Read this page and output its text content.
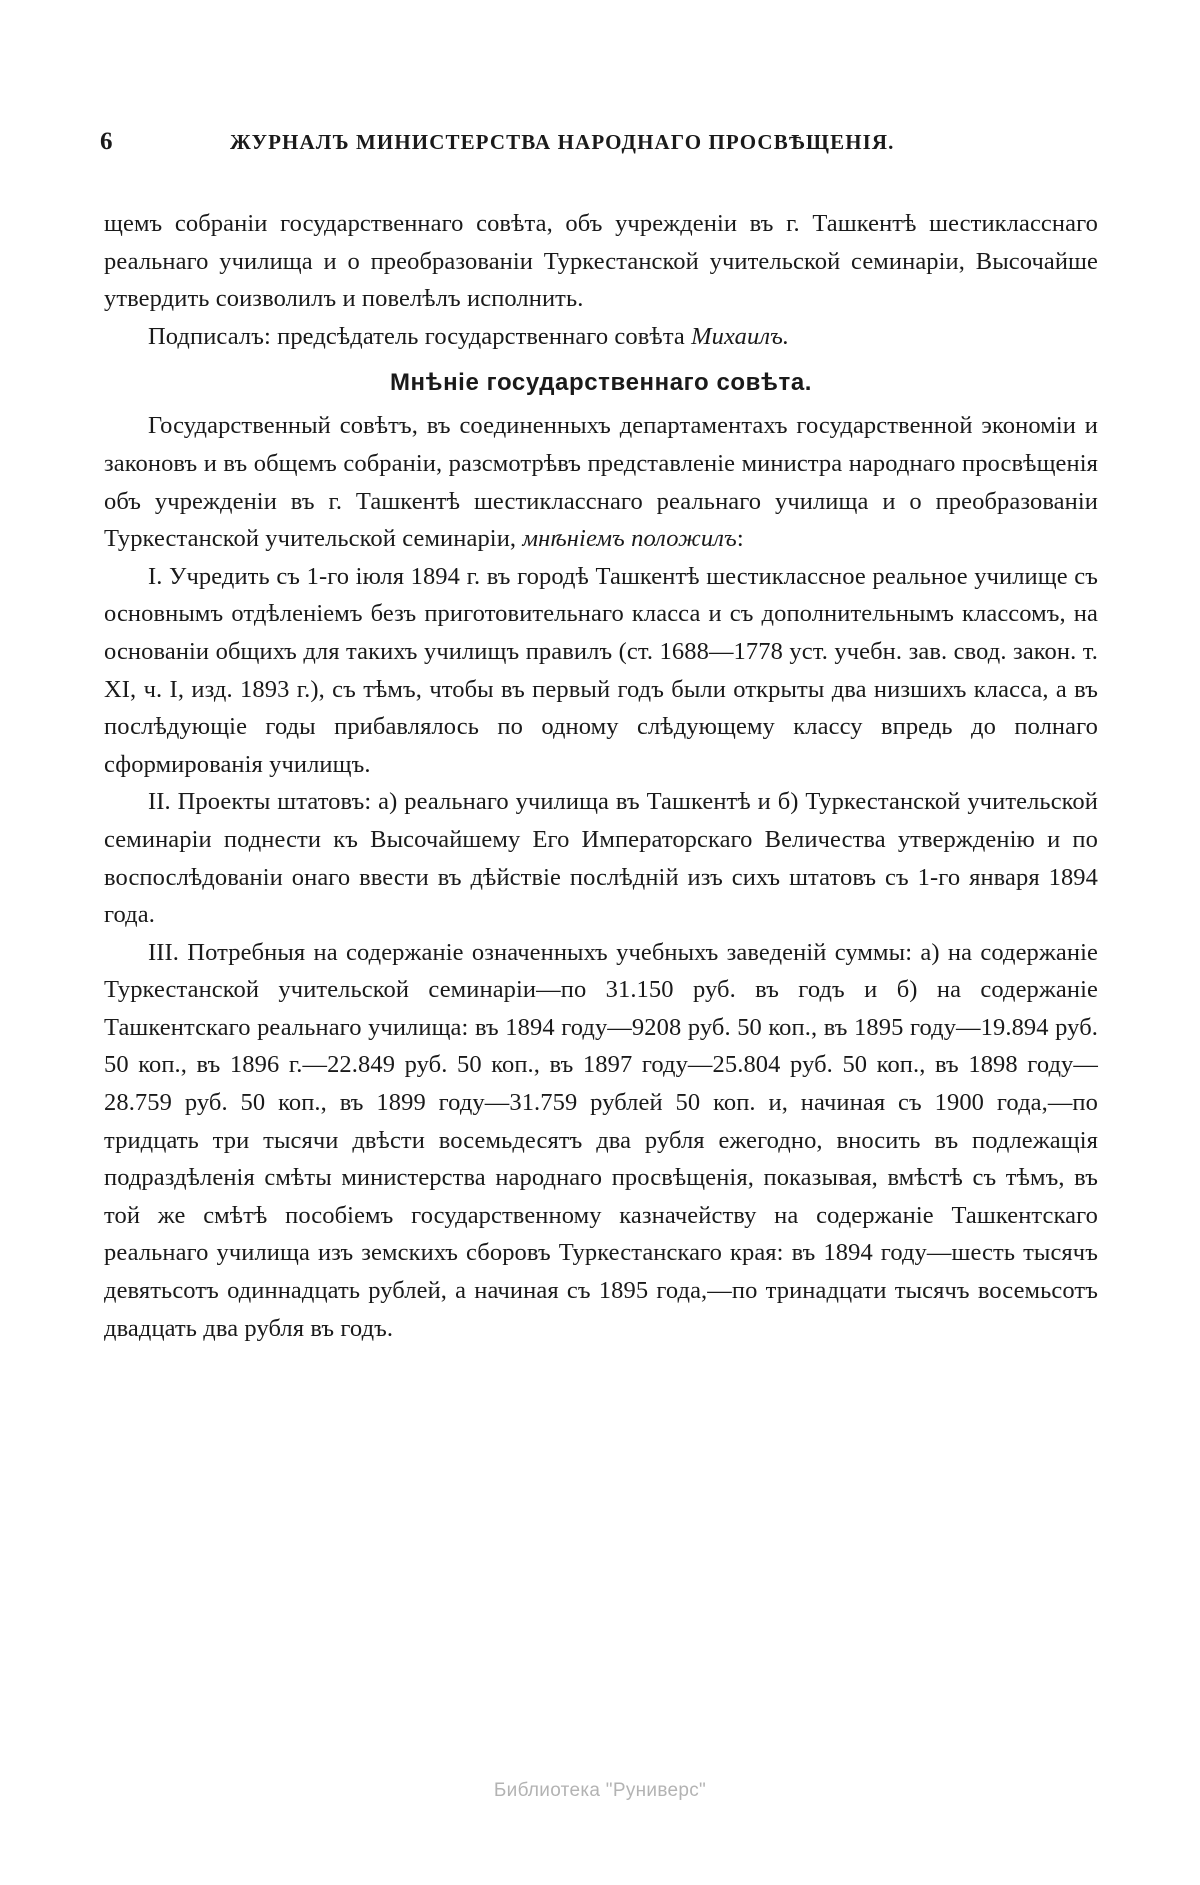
6	ЖУРНАЛЪ МИНИСТЕРСТВА НАРОДНАГО ПРОСВѢЩЕНІЯ.

щемъ собраніи государственнаго совѣта, объ учрежденіи въ г. Ташкентѣ шестикласснаго реальнаго училища и о преобразованіи Туркестанской учительской семинаріи, Высочайше утвердить соизволилъ и повелѣлъ исполнить.

Подписалъ: предсѣдатель государственнаго совѣта Михаилъ.

Мнѣніе государственнаго совѣта.

Государственный совѣтъ, въ соединенныхъ департаментахъ государственной экономіи и законовъ и въ общемъ собраніи, разсмотрѣвъ представленіе министра народнаго просвѣщенія объ учрежденіи въ г. Ташкентѣ шестикласснаго реальнаго училища и о преобразованіи Туркестанской учительской семинаріи, мнѣніемъ положилъ:

I. Учредить съ 1-го іюля 1894 г. въ городѣ Ташкентѣ шестиклассное реальное училище съ основнымъ отдѣленіемъ безъ приготовительнаго класса и съ дополнительнымъ классомъ, на основаніи общихъ для такихъ училищъ правилъ (ст. 1688—1778 уст. учебн. зав. свод. закон. т. XI, ч. I, изд. 1893 г.), съ тѣмъ, чтобы въ первый годъ были открыты два низшихъ класса, а въ послѣдующіе годы прибавлялось по одному слѣдующему классу впредь до полнаго сформированія училищъ.

II. Проекты штатовъ: а) реальнаго училища въ Ташкентѣ и б) Туркестанской учительской семинаріи поднести къ Высочайшему Его Императорскаго Величества утвержденію и по воспослѣдованіи онаго ввести въ дѣйствіе послѣдній изъ сихъ штатовъ съ 1-го января 1894 года.

III. Потребныя на содержаніе означенныхъ учебныхъ заведеній суммы: а) на содержаніе Туркестанской учительской семинаріи—по 31.150 руб. въ годъ и б) на содержаніе Ташкентскаго реальнаго училища: въ 1894 году—9208 руб. 50 коп., въ 1895 году—19.894 руб. 50 коп., въ 1896 г.—22.849 руб. 50 коп., въ 1897 году—25.804 руб. 50 коп., въ 1898 году—28.759 руб. 50 коп., въ 1899 году—31.759 рублей 50 коп. и, начиная съ 1900 года,—по тридцать три тысячи двѣсти восемьдесятъ два рубля ежегодно, вносить въ подлежащія подраздѣленія смѣты министерства народнаго просвѣщенія, показывая, вмѣстѣ съ тѣмъ, въ той же смѣтѣ пособіемъ государственному казначейству на содержаніе Ташкентскаго реальнаго училища изъ земскихъ сборовъ Туркестанскаго края: въ 1894 году—шесть тысячъ девятьсотъ одиннадцать рублей, а начиная съ 1895 года,—по тринадцати тысячъ восемьсотъ двадцать два рубля въ годъ.

Библиотека "Руниверс"
